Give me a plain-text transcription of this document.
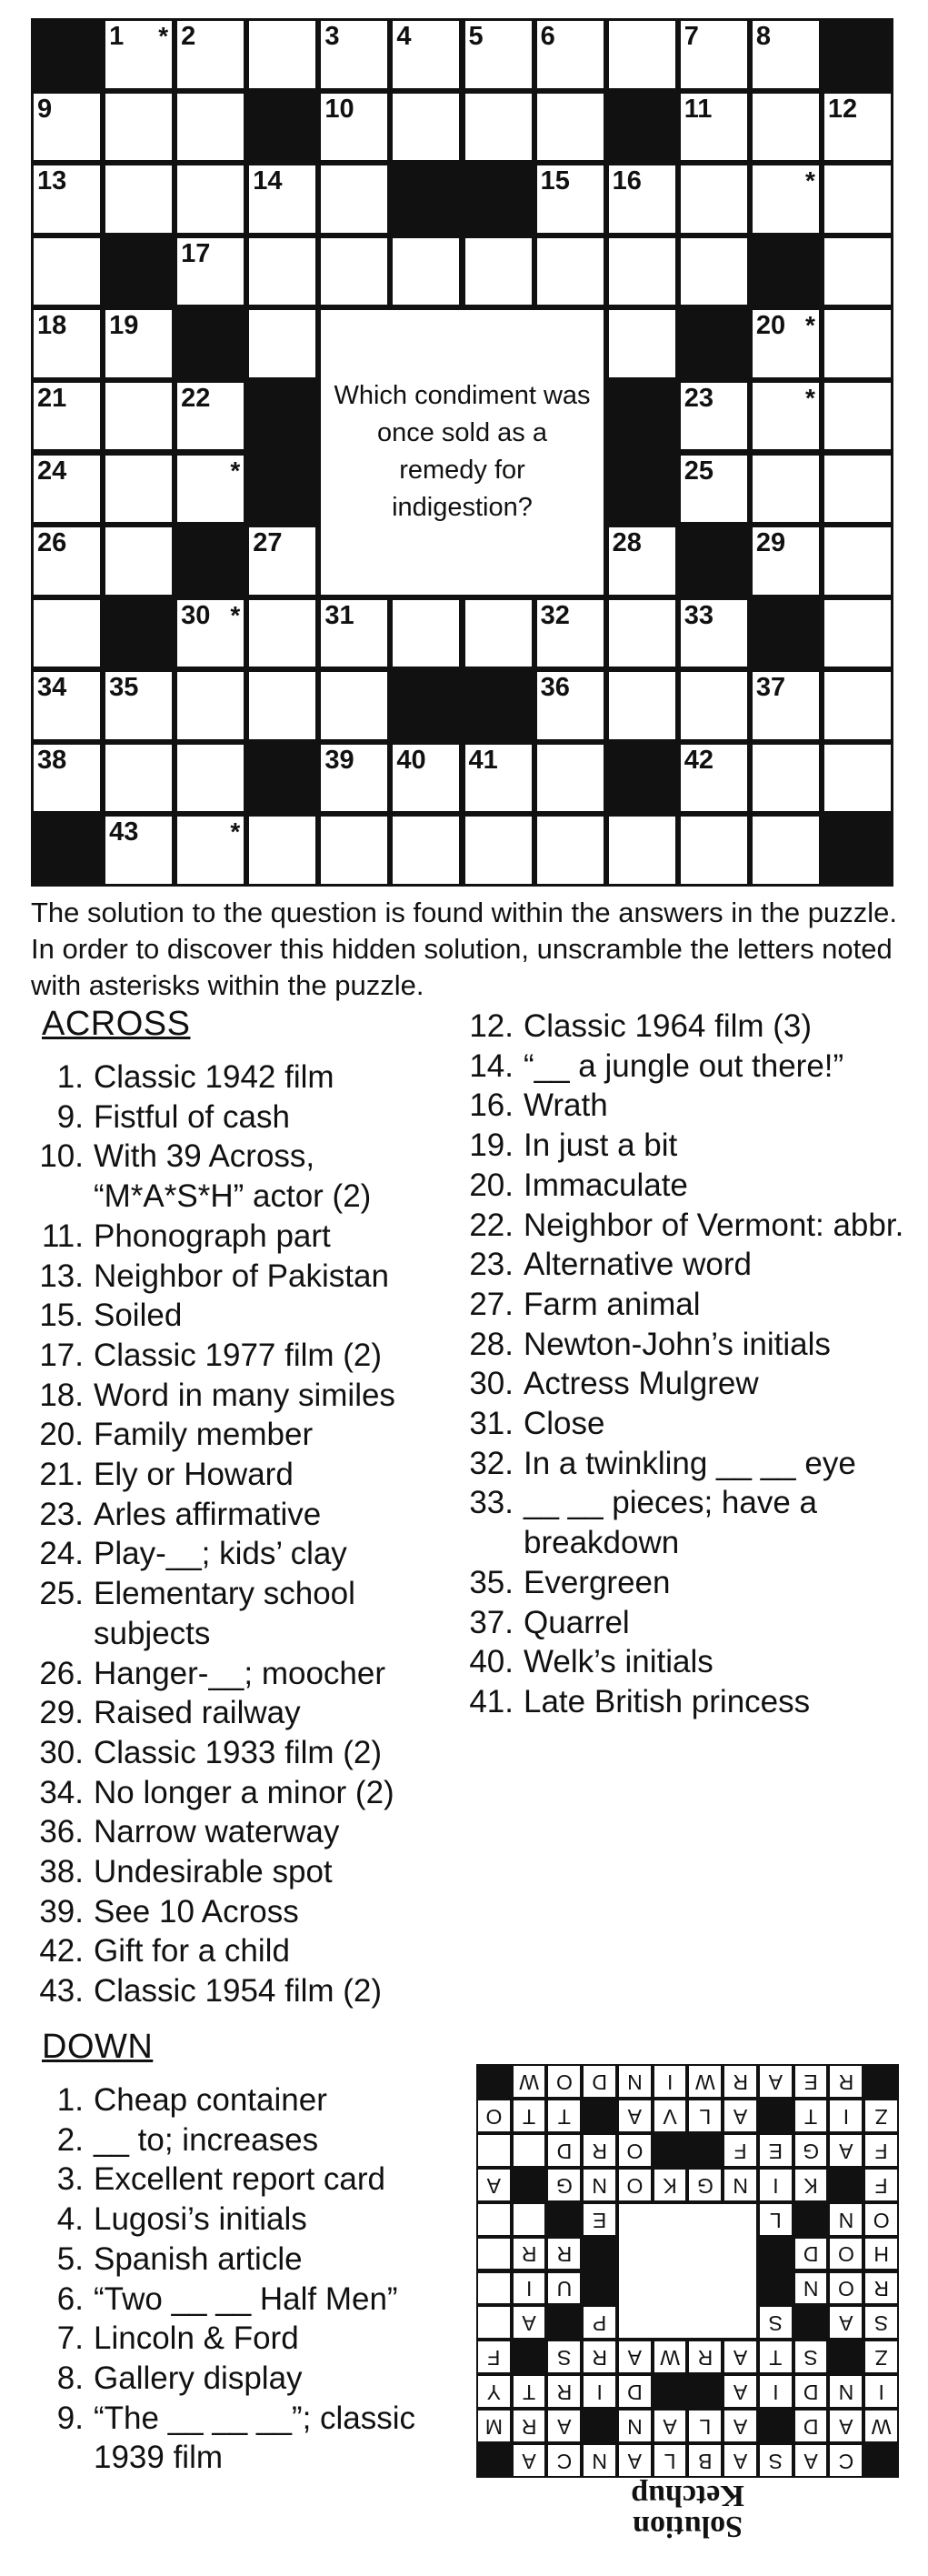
1 * 2	3 4 5 6	7 8
9	10	11	12
13	14	15 16	*
17
18 19	20 *
21	22	23	*
24	*	25
26	27	28	29
30 *	31	32	33
34 35	36	37
38	39 40 41	42
43	*
Which condiment was once sold as a remedy for indigestion?
The solution to the question is found within the answers in the puzzle. In order to discover this hidden solution, unscramble the letters noted with asterisks within the puzzle.
ACROSS
1. Classic 1942 film
9. Fistful of cash
10. With 39 Across, “M*A*S*H” actor (2)
11. Phonograph part
13. Neighbor of Pakistan
15. Soiled
17. Classic 1977 film (2)
18. Word in many similes
20. Family member
21. Ely or Howard
23. Arles affirmative
24. Play-__; kids’ clay
25. Elementary school subjects
26. Hanger-__; moocher
29. Raised railway
30. Classic 1933 film (2)
34. No longer a minor (2)
36. Narrow waterway
38. Undesirable spot
39. See 10 Across
42. Gift for a child
43. Classic 1954 film (2)
DOWN
1. Cheap container
2. __ to; increases
3. Excellent report card
4. Lugosi’s initials
5. Spanish article
6. “Two __ __ Half Men”
7. Lincoln & Ford
8. Gallery display
9. “The __ __ __”; classic 1939 film
12. Classic 1964 film (3)
14. “__ a jungle out there!”
16. Wrath
19. In just a bit
20. Immaculate
22. Neighbor of Vermont: abbr.
23. Alternative word
27. Farm animal
28. Newton-John’s initials
30. Actress Mulgrew
31. Close
32. In a twinkling __ __ eye
33. __ __ pieces; have a breakdown
35. Evergreen
37. Quarrel
40. Welk’s initials
41. Late British princess
Solution
Ketchup
C
A
S
A
B
L
A
N
C
A
W
A
D
A
L
A
N
A
R
M
I
N
D
I
A
D
I
R
T
Y
Z
S
T
A
R
W
A
R
S
F
S
A
S
P
A
R
O
N
U
I
H
O
D
R
R
O
N
L
E
F
K
I
N
G
K
O
N
G
A
F
A
G
E
F
O
R
D
Z
I
T
A
L
V
A
T
T
O
R
E
A
R
W
I
N
D
O
W
